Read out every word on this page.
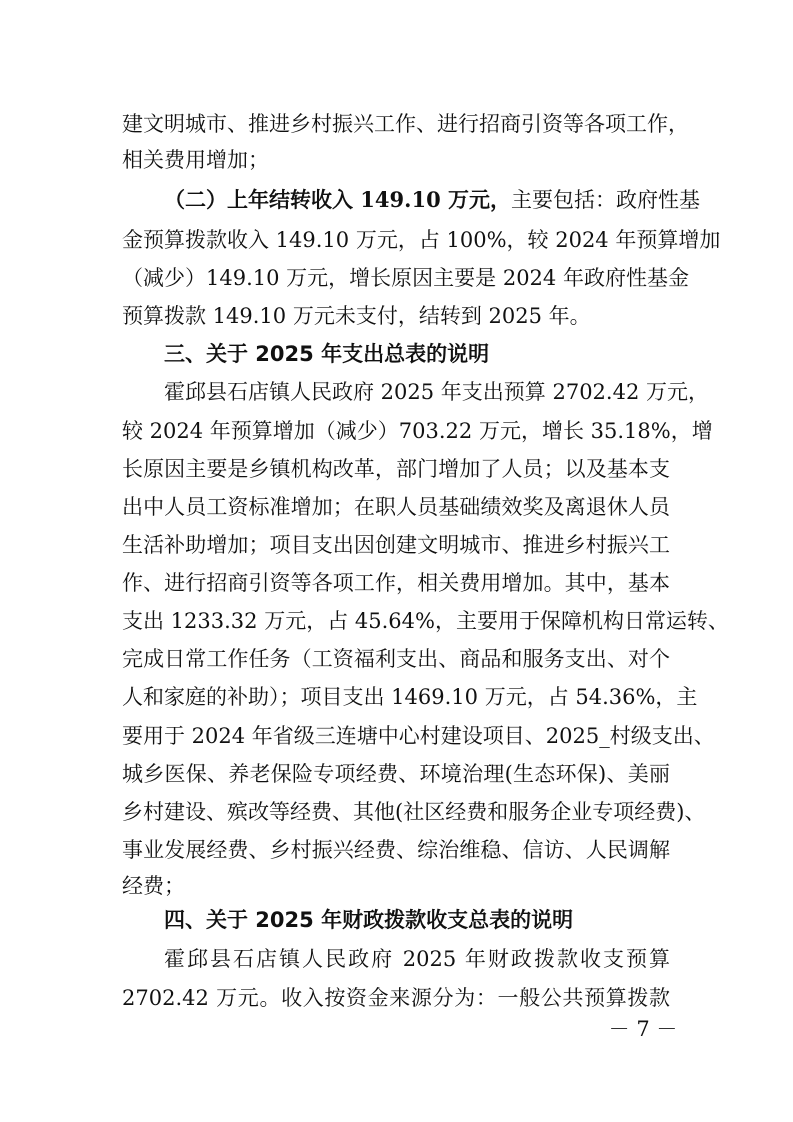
建文明城市、推进乡村振兴工作、进行招商引资等各项工作，
相关费用增加；
（二）上年结转收入 149.10 万元，主要包括：政府性基
金预算拨款收入 149.10 万元，占 100%，较 2024 年预算增加
（减少）149.10 万元，增长原因主要是 2024 年政府性基金
预算拨款 149.10 万元未支付，结转到 2025 年。
三、关于 2025 年支出总表的说明
霍邱县石店镇人民政府 2025 年支出预算 2702.42 万元，
较 2024 年预算增加（减少）703.22 万元，增长 35.18%，增
长原因主要是乡镇机构改革，部门增加了人员；以及基本支
出中人员工资标准增加；在职人员基础绩效奖及离退休人员
生活补助增加；项目支出因创建文明城市、推进乡村振兴工
作、进行招商引资等各项工作，相关费用增加。其中，基本
支出 1233.32 万元，占 45.64%，主要用于保障机构日常运转、
完成日常工作任务（工资福利支出、商品和服务支出、对个
人和家庭的补助）；项目支出 1469.10 万元，占 54.36%，主
要用于 2024 年省级三连塘中心村建设项目、2025_村级支出、
城乡医保、养老保险专项经费、环境治理(生态环保)、美丽
乡村建设、殡改等经费、其他(社区经费和服务企业专项经费)、
事业发展经费、乡村振兴经费、综治维稳、信访、人民调解
经费；
四、关于 2025 年财政拨款收支总表的说明
霍邱县石店镇人民政府 2025 年财政拨款收支预算
2702.42 万元。收入按资金来源分为：一般公共预算拨款
－ 7 －
